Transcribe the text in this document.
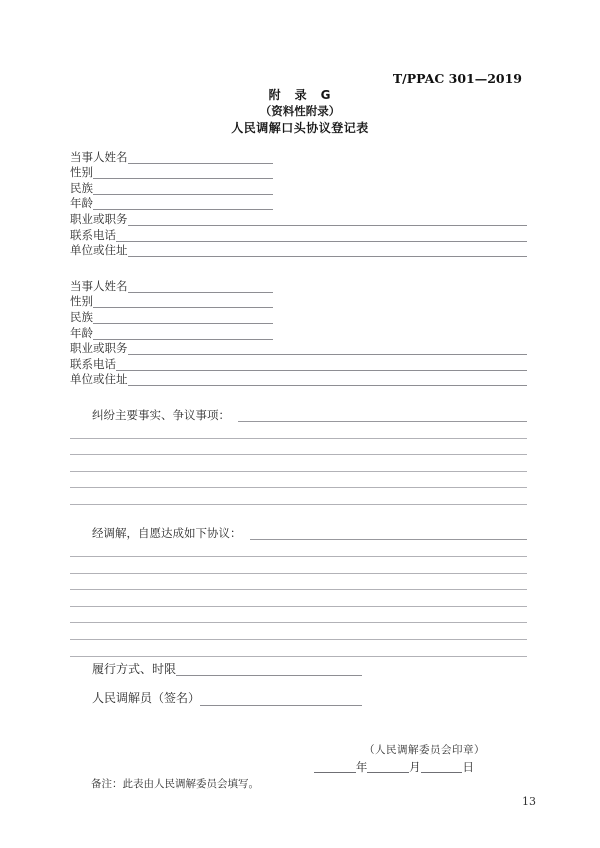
T/PPAC 301—2019
附　录　G
（资料性附录）
人民调解口头协议登记表
当事人姓名
性别
民族
年龄
职业或职务
联系电话
单位或住址
当事人姓名
性别
民族
年龄
职业或职务
联系电话
单位或住址
纠纷主要事实、争议事项：
经调解，自愿达成如下协议：
履行方式、时限
人民调解员（签名）
（人民调解委员会印章）
年	月	日
备注：此表由人民调解委员会填写。
13
